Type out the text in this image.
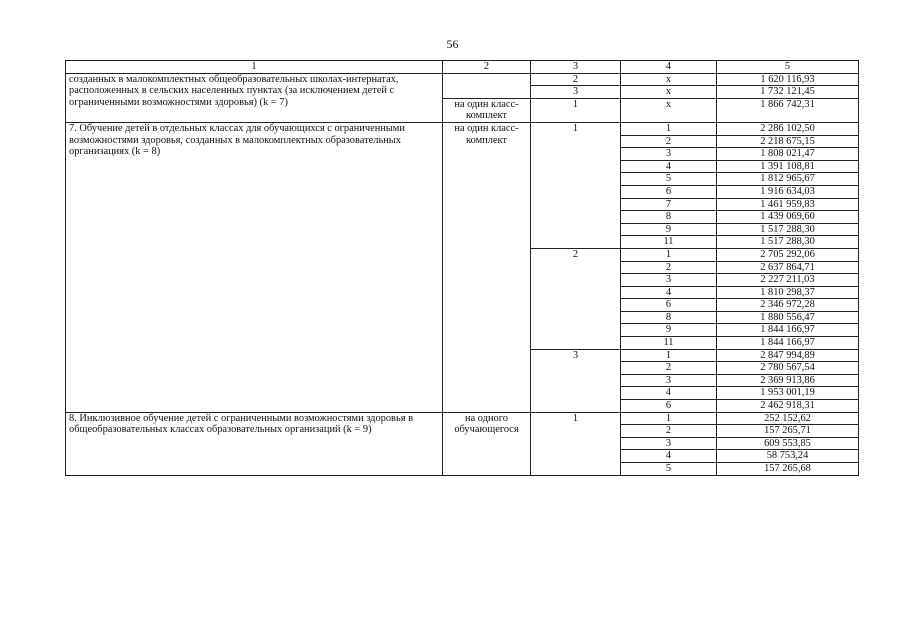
56
1	2	3	4	5
созданных в малокомплектных общеобразовательных школах-интернатах, расположенных в сельских населенных пунктах (за исключением детей с ограниченными возможностями здоровья) (k = 7)		2	x	1 620 116,93
		3	x	1 732 121,45
	на один класс-комплект	1	x	1 866 742,31
7. Обучение детей в отдельных классах для обучающихся с ограниченными возможностями здоровья, созданных в малокомплектных образовательных организациях (k = 8)	на один класс-комплект	1	1	2 286 102,50
			2	2 218 675,15
			3	1 808 021,47
			4	1 391 108,81
			5	1 812 965,67
			6	1 916 634,03
			7	1 461 959,83
			8	1 439 069,60
			9	1 517 288,30
			11	1 517 288,30
		2	1	2 705 292,06
			2	2 637 864,71
			3	2 227 211,03
			4	1 810 298,37
			6	2 346 972,28
			8	1 880 556,47
			9	1 844 166,97
			11	1 844 166,97
		3	1	2 847 994,89
			2	2 780 567,54
			3	2 369 913,86
			4	1 953 001,19
			6	2 462 918,31
8. Инклюзивное обучение детей с ограниченными возможностями здоровья в общеобразовательных классах образовательных организаций (k = 9)	на одного обучающегося	1	1	252 152,62
			2	157 265,71
			3	609 553,85
			4	58 753,24
			5	157 265,68
